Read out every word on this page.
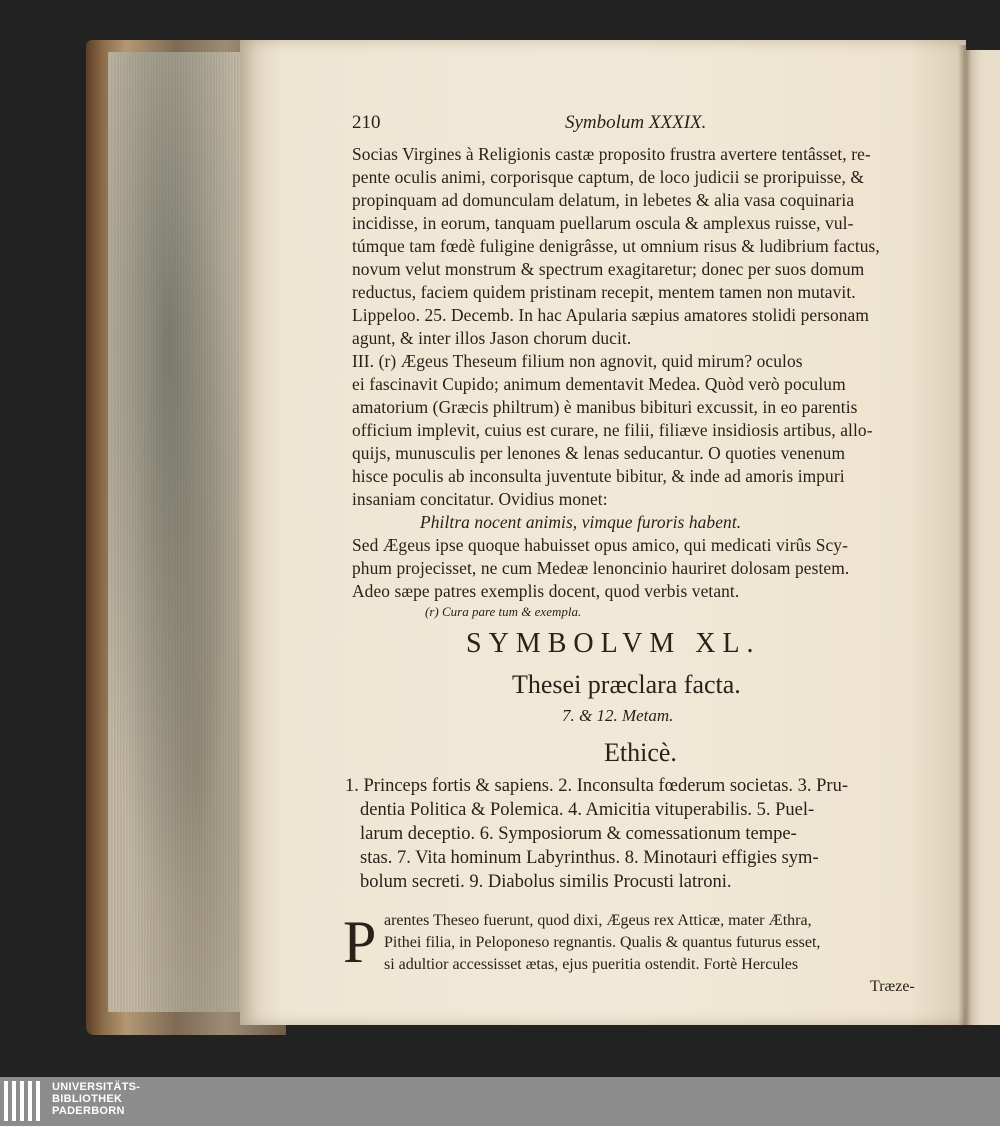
210	Symbolum XXXIX.
Socias Virgines à Religionis castæ proposito frustra avertere tentâsset, re-
pente oculis animi, corporisque captum, de loco judicii se proripuisse, &
propinquam ad domunculam delatum, in lebetes & alia vasa coquinaria
incidisse, in eorum, tanquam puellarum oscula & amplexus ruisse, vul-
túmque tam fœdè fuligine denigrâsse, ut omnium risus & ludibrium factus,
novum velut monstrum & spectrum exagitaretur; donec per suos domum
reductus, faciem quidem pristinam recepit, mentem tamen non mutavit.
Lippeloo. 25. Decemb. In hac Apularia sæpius amatores stolidi personam
agunt, & inter illos Jason chorum ducit.
III. (r) Ægeus Theseum filium non agnovit, quid mirum? oculos
ei fascinavit Cupido; animum dementavit Medea. Quòd verò poculum
amatorium (Græcis philtrum) è manibus bibituri excussit, in eo parentis
officium implevit, cuius est curare, ne filii, filiæve insidiosis artibus, allo-
quijs, munusculis per lenones & lenas seducantur. O quoties venenum
hisce poculis ab inconsulta juventute bibitur, & inde ad amoris impuri
insaniam concitatur. Ovidius monet:
Philtra nocent animis, vimque furoris habent.
Sed Ægeus ipse quoque habuisset opus amico, qui medicati virûs Scy-
phum projecisset, ne cum Medeæ lenoncinio hauriret dolosam pestem.
Adeo sæpe patres exemplis docent, quod verbis vetant.
(r) Cura pare tum & exempla.
SYMBOLVM XL.
Thesei præclara facta.
7. & 12. Metam.
Ethicè.
1. Princeps fortis & sapiens. 2. Inconsulta fœderum societas. 3. Pru-
dentia Politica & Polemica. 4. Amicitia vituperabilis. 5. Puel-
larum deceptio. 6. Symposiorum & comessationum tempe-
stas. 7. Vita hominum Labyrinthus. 8. Minotauri effigies sym-
bolum secreti. 9. Diabolus similis Procusti latroni.
P arentes Theseo fuerunt, quod dixi, Ægeus rex Atticæ, mater Æthra,
Pithei filia, in Peloponeso regnantis. Qualis & quantus futurus esset,
si adultior accessisset ætas, ejus pueritia ostendit. Fortè Hercules
Træze-
UNIVERSITÄTS-
BIBLIOTHEK
PADERBORN
